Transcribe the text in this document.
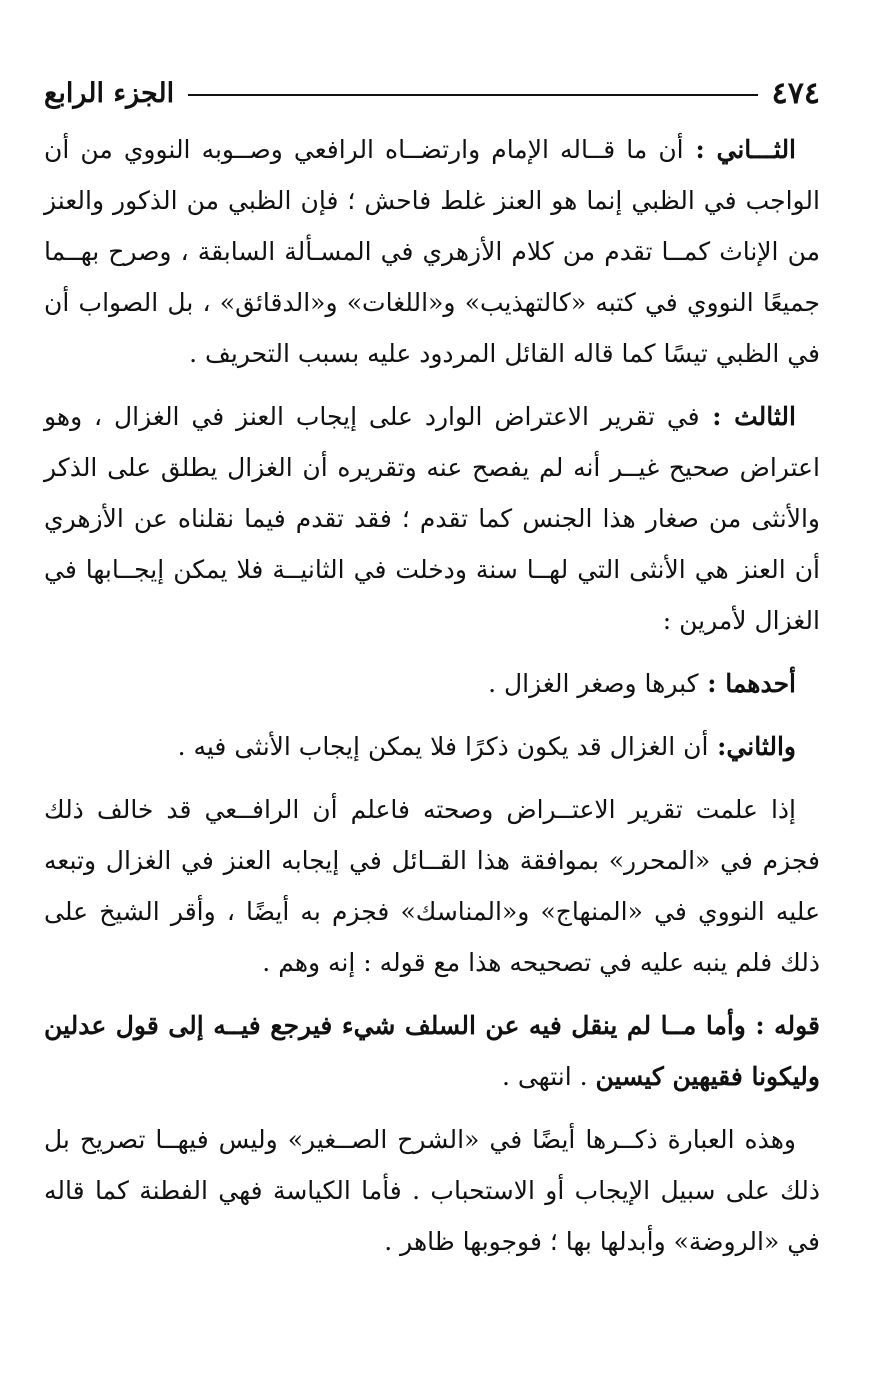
٤٧٤
الجزء الرابع

الثـــاني : أن ما قــاله الإمام وارتضــاه الرافعي وصــوبه النووي من أن الواجب في الظبي إنما هو العنز غلط فاحش ؛ فإن الظبي من الذكور والعنز من الإناث كمــا تقدم من كلام الأزهري في المسـألة السابقة ، وصرح بهــما جميعًا النووي في كتبه «كالتهذيب» و«اللغات» و«الدقائق» ، بل الصواب أن في الظبي تيسًا كما قاله القائل المردود عليه بسبب التحريف .

الثالث : في تقرير الاعتراض الوارد على إيجاب العنز في الغزال ، وهو اعتراض صحيح غيــر أنه لم يفصح عنه وتقريره أن الغزال يطلق على الذكر والأنثى من صغار هذا الجنس كما تقدم ؛ فقد تقدم فيما نقلناه عن الأزهري أن العنز هي الأنثى التي لهــا سنة ودخلت في الثانيــة فلا يمكن إيجــابها في الغزال لأمرين :

أحدهما : كبرها وصغر الغزال .

والثاني: أن الغزال قد يكون ذكرًا فلا يمكن إيجاب الأنثى فيه .

إذا علمت تقرير الاعتــراض وصحته فاعلم أن الرافــعي قد خالف ذلك فجزم في «المحرر» بموافقة هذا القــائل في إيجابه العنز في الغزال وتبعه عليه النووي في «المنهاج» و«المناسك» فجزم به أيضًا ، وأقر الشيخ على ذلك فلم ينبه عليه في تصحيحه هذا مع قوله : إنه وهم .

قوله : وأما مــا لم ينقل فيه عن السلف شيء فيرجع فيــه إلى قول عدلين وليكونا فقيهين كيسين . انتهى .

وهذه العبارة ذكــرها أيضًا في «الشرح الصــغير» وليس فيهــا تصريح بل ذلك على سبيل الإيجاب أو الاستحباب . فأما الكياسة فهي الفطنة كما قاله في «الروضة» وأبدلها بها ؛ فوجوبها ظاهر .
